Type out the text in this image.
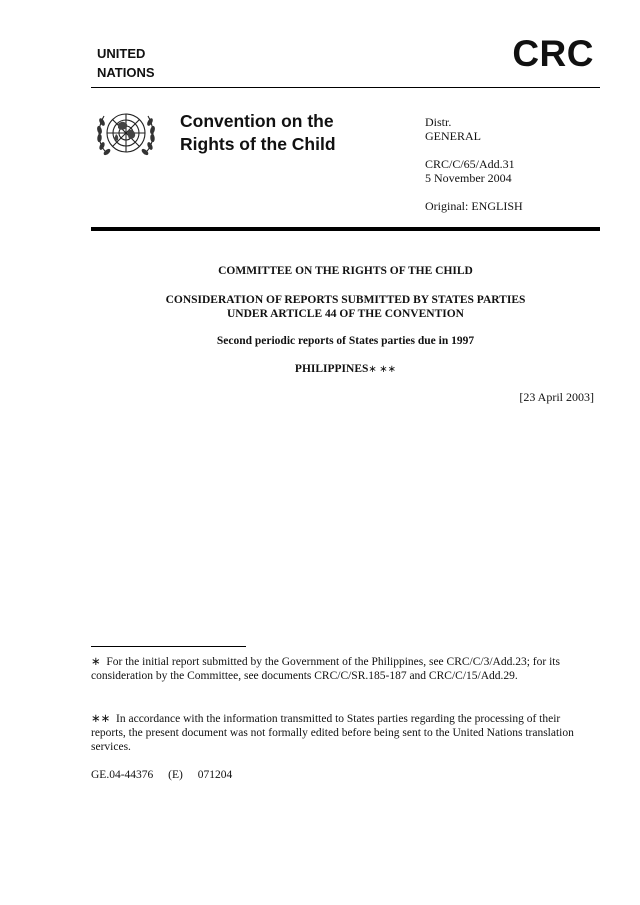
UNITED
NATIONS	CRC
Convention on the
Rights of the Child
Distr.
GENERAL
CRC/C/65/Add.31
5 November 2004
Original: ENGLISH
COMMITTEE ON THE RIGHTS OF THE CHILD
CONSIDERATION OF REPORTS SUBMITTED BY STATES PARTIES
UNDER ARTICLE 44 OF THE CONVENTION
Second periodic reports of States parties due in 1997
PHILIPPINES∗ ∗∗
[23 April 2003]
∗ For the initial report submitted by the Government of the Philippines, see CRC/C/3/Add.23; for its consideration by the Committee, see documents CRC/C/SR.185-187 and CRC/C/15/Add.29.
∗∗ In accordance with the information transmitted to States parties regarding the processing of their reports, the present document was not formally edited before being sent to the United Nations translation services.
GE.04-44376 (E) 071204
